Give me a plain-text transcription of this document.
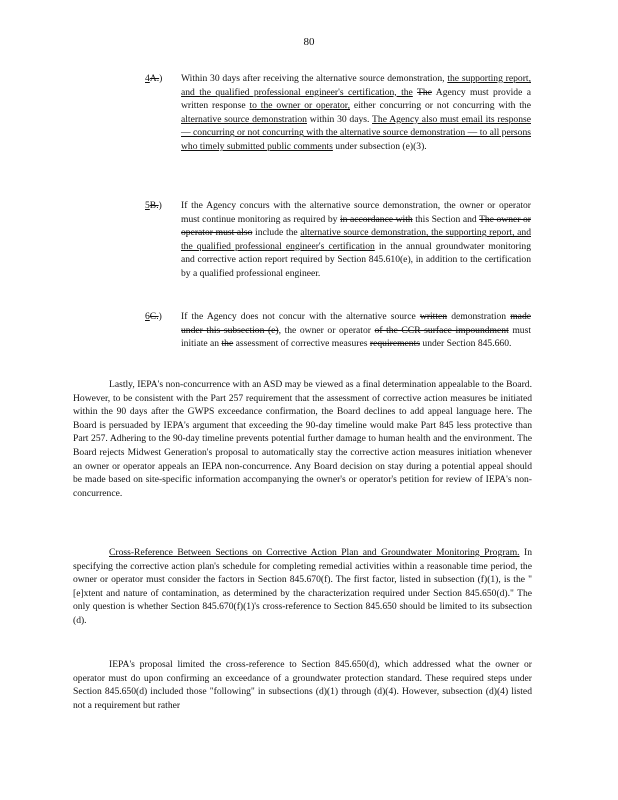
80
4A.)	Within 30 days after receiving the alternative source demonstration, the supporting report, and the qualified professional engineer's certification, the The Agency must provide a written response to the owner or operator, either concurring or not concurring with the alternative source demonstration within 30 days. The Agency also must email its response — concurring or not concurring with the alternative source demonstration — to all persons who timely submitted public comments under subsection (e)(3).
5B.)	If the Agency concurs with the alternative source demonstration, the owner or operator must continue monitoring as required by in accordance with this Section and The owner or operator must also include the alternative source demonstration, the supporting report, and the qualified professional engineer's certification in the annual groundwater monitoring and corrective action report required by Section 845.610(e), in addition to the certification by a qualified professional engineer.
6C.)	If the Agency does not concur with the alternative source written demonstration made under this subsection (e), the owner or operator of the CCR surface impoundment must initiate an the assessment of corrective measures requirements under Section 845.660.
Lastly, IEPA's non-concurrence with an ASD may be viewed as a final determination appealable to the Board. However, to be consistent with the Part 257 requirement that the assessment of corrective action measures be initiated within the 90 days after the GWPS exceedance confirmation, the Board declines to add appeal language here. The Board is persuaded by IEPA's argument that exceeding the 90-day timeline would make Part 845 less protective than Part 257. Adhering to the 90-day timeline prevents potential further damage to human health and the environment. The Board rejects Midwest Generation's proposal to automatically stay the corrective action measures initiation whenever an owner or operator appeals an IEPA non-concurrence. Any Board decision on stay during a potential appeal should be made based on site-specific information accompanying the owner's or operator's petition for review of IEPA's non-concurrence.
Cross-Reference Between Sections on Corrective Action Plan and Groundwater Monitoring Program. In specifying the corrective action plan's schedule for completing remedial activities within a reasonable time period, the owner or operator must consider the factors in Section 845.670(f). The first factor, listed in subsection (f)(1), is the "[e]xtent and nature of contamination, as determined by the characterization required under Section 845.650(d)." The only question is whether Section 845.670(f)(1)'s cross-reference to Section 845.650 should be limited to its subsection (d).
IEPA's proposal limited the cross-reference to Section 845.650(d), which addressed what the owner or operator must do upon confirming an exceedance of a groundwater protection standard. These required steps under Section 845.650(d) included those "following" in subsections (d)(1) through (d)(4). However, subsection (d)(4) listed not a requirement but rather
